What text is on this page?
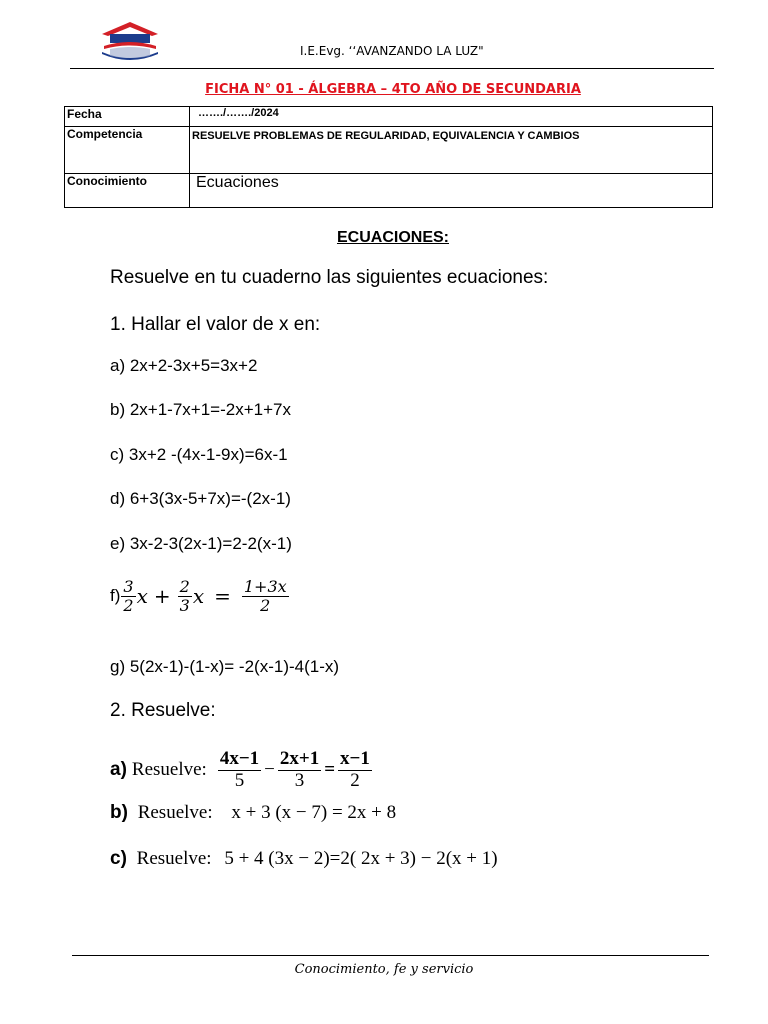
I.E.Evg. ‘‘AVANZANDO LA LUZ"
FICHA N° 01 - ÁLGEBRA – 4TO AÑO DE SECUNDARIA
Fecha	……./……./2024
Competencia	RESUELVE PROBLEMAS DE REGULARIDAD, EQUIVALENCIA Y CAMBIOS
Conocimiento	Ecuaciones
ECUACIONES:
Resuelve en tu cuaderno las siguientes ecuaciones:
1. Hallar el valor de x en:
a) 2x+2-3x+5=3x+2
b) 2x+1-7x+1=-2x+1+7x
c) 3x+2 -(4x-1-9x)=6x-1
d) 6+3(3x-5+7x)=-(2x-1)
e) 3x-2-3(2x-1)=2-2(x-1)
$f) \frac{3}{2}$ $x + \frac{2}{3}$ $x = \frac{1+3x}{2}$
g) 5(2x-1)-(1-x)= -2(x-1)-4(1-x)
2. Resuelve:
a) Resuelve: $\frac{4x-1}{5} - \frac{2x+1}{3} = \frac{x-1}{2}$
b) Resuelve: x + 3 (x − 7) = 2x + 8
c) Resuelve: 5 + 4 (3x − 2)=2( 2x + 3) − 2(x + 1)
Conocimiento, fe y servicio
